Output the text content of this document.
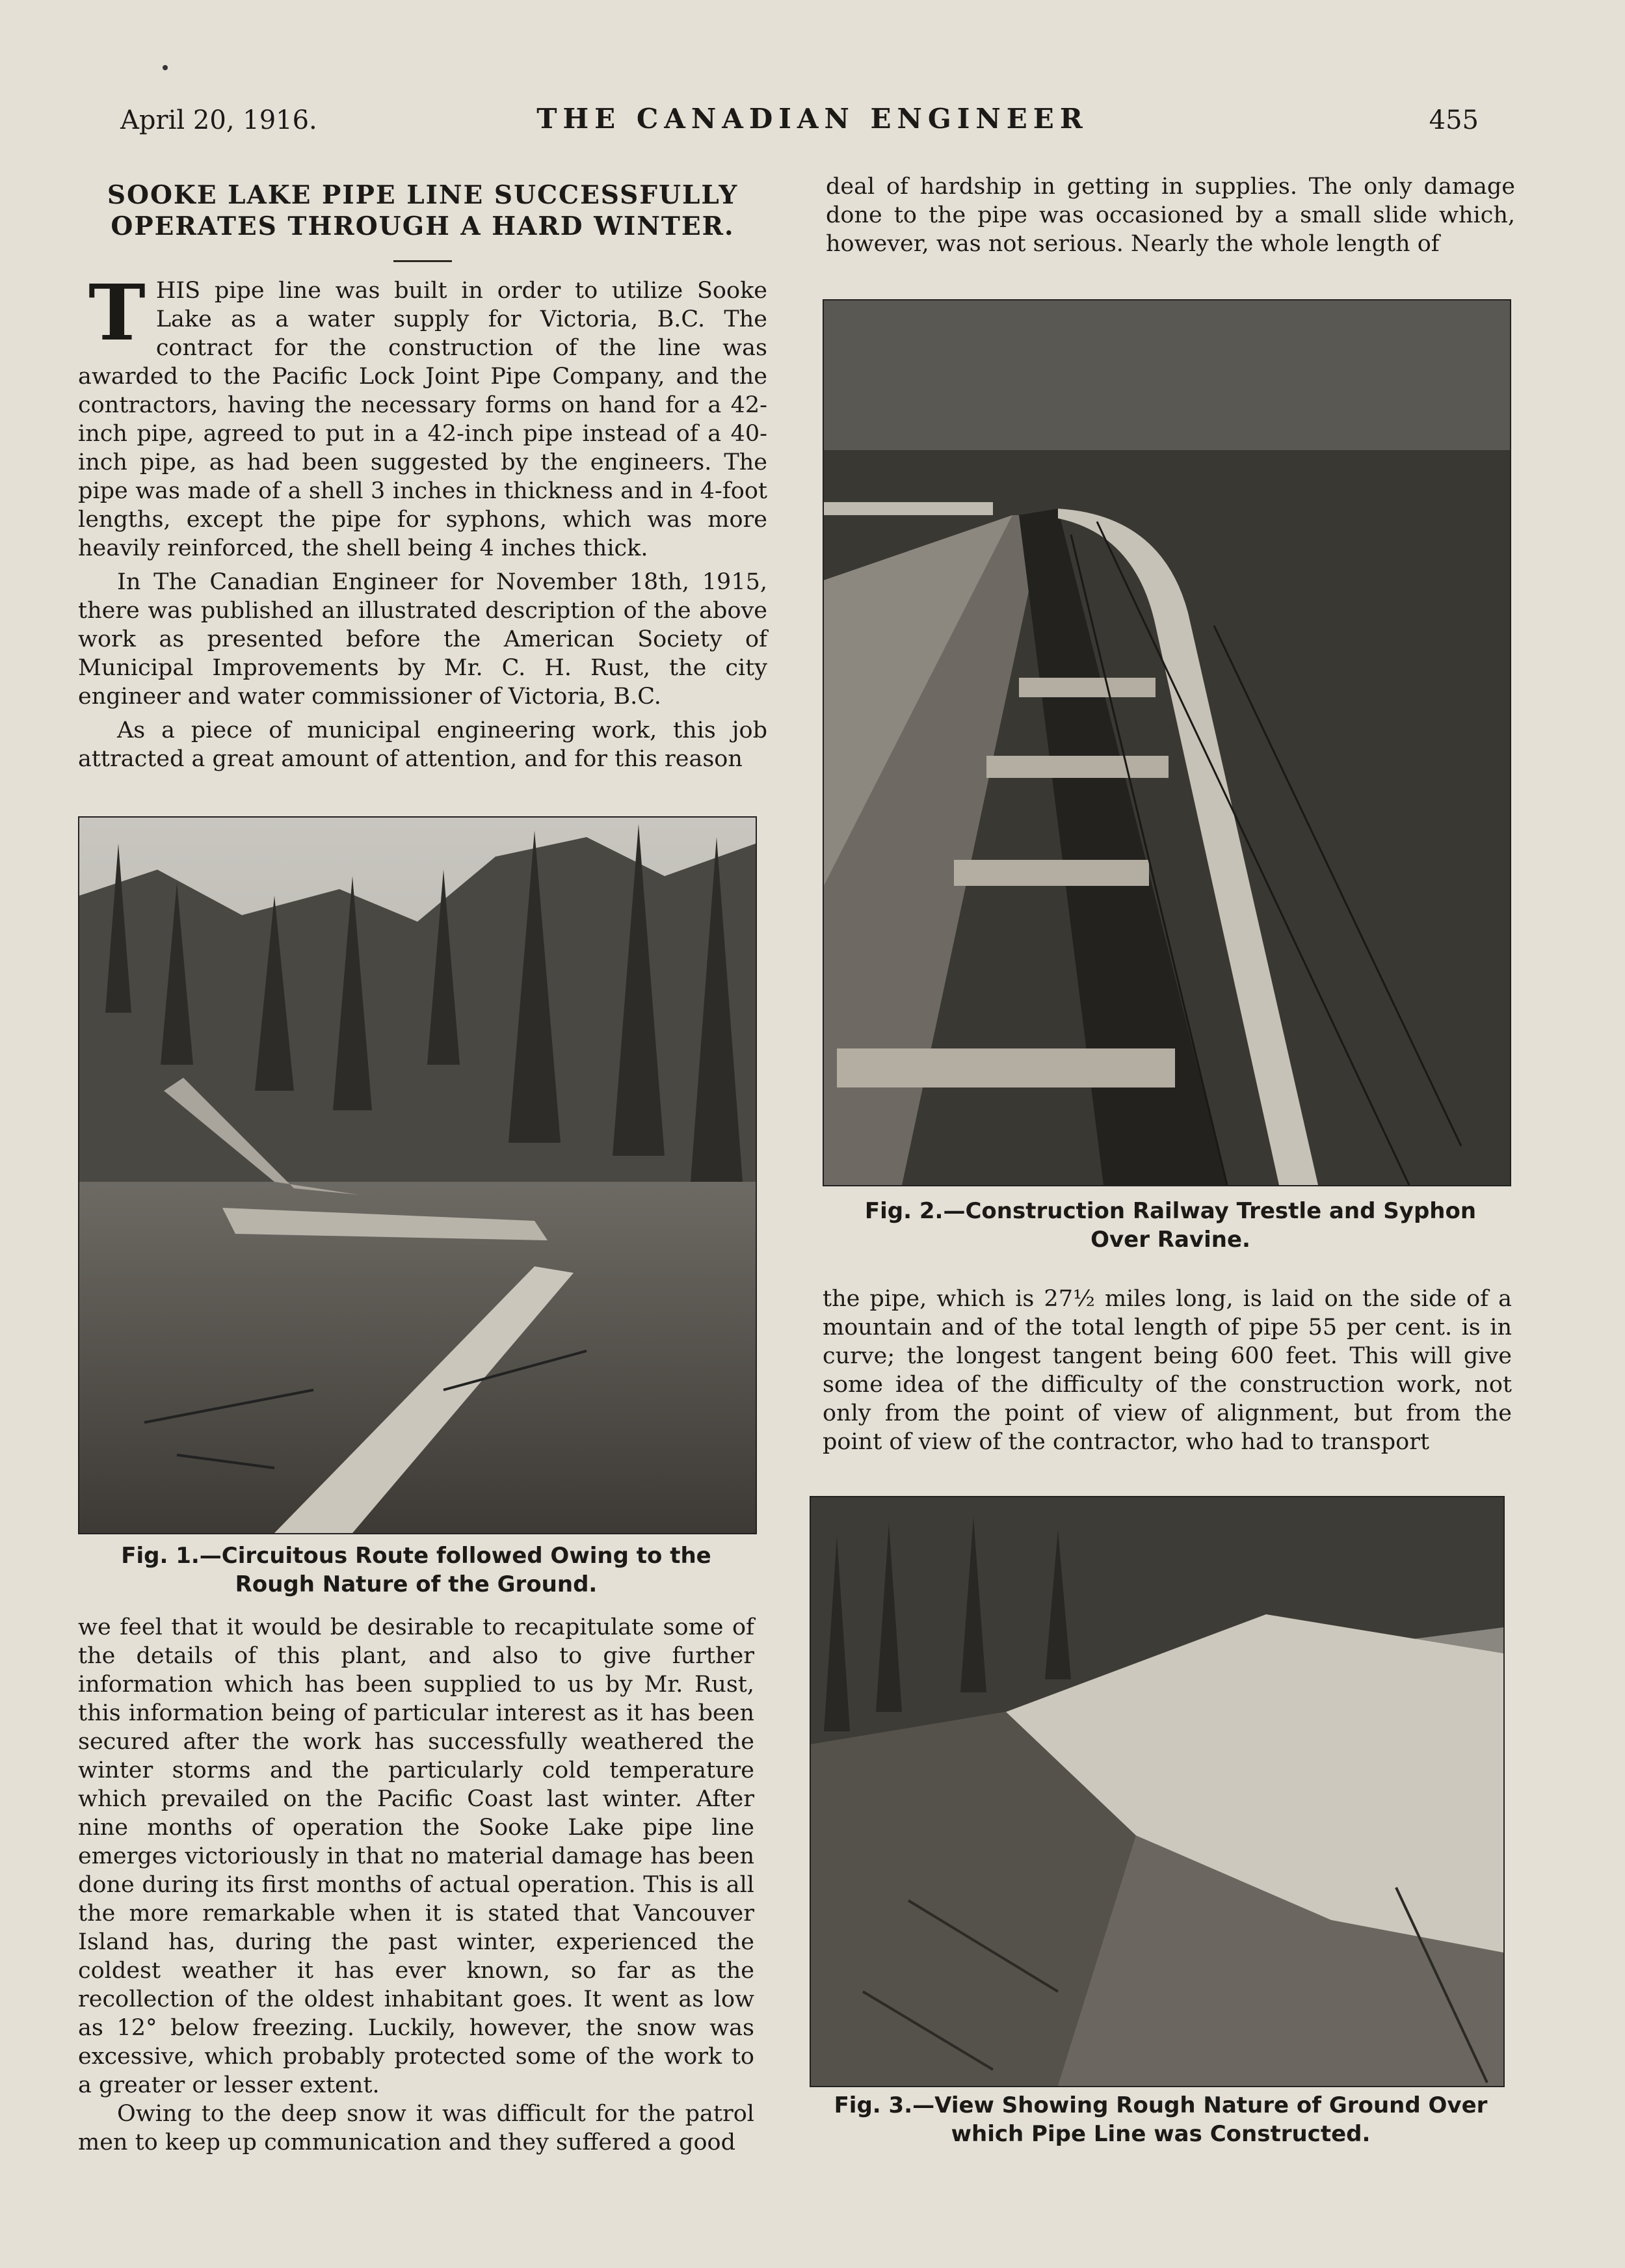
April 20, 1916.	THE CANADIAN ENGINEER	455
SOOKE LAKE PIPE LINE SUCCESSFULLY OPERATES THROUGH A HARD WINTER.

THIS pipe line was built in order to utilize Sooke Lake as a water supply for Victoria, B.C. The contract for the construction of the line was awarded to the Pacific Lock Joint Pipe Company, and the contractors, having the necessary forms on hand for a 42-inch pipe, agreed to put in a 42-inch pipe instead of a 40-inch pipe, as had been suggested by the engineers. The pipe was made of a shell 3 inches in thickness and in 4-foot lengths, except the pipe for syphons, which was more heavily reinforced, the shell being 4 inches thick.

In The Canadian Engineer for November 18th, 1915, there was published an illustrated description of the above work as presented before the American Society of Municipal Improvements by Mr. C. H. Rust, the city engineer and water commissioner of Victoria, B.C.

As a piece of municipal engineering work, this job attracted a great amount of attention, and for this reason

Fig. 1.—Circuitous Route followed Owing to the Rough Nature of the Ground.

we feel that it would be desirable to recapitulate some of the details of this plant, and also to give further information which has been supplied to us by Mr. Rust, this information being of particular interest as it has been secured after the work has successfully weathered the winter storms and the particularly cold temperature which prevailed on the Pacific Coast last winter. After nine months of operation the Sooke Lake pipe line emerges victoriously in that no material damage has been done during its first months of actual operation. This is all the more remarkable when it is stated that Vancouver Island has, during the past winter, experienced the coldest weather it has ever known, so far as the recollection of the oldest inhabitant goes. It went as low as 12° below freezing. Luckily, however, the snow was excessive, which probably protected some of the work to a greater or lesser extent.

Owing to the deep snow it was difficult for the patrol men to keep up communication and they suffered a good

deal of hardship in getting in supplies. The only damage done to the pipe was occasioned by a small slide which, however, was not serious. Nearly the whole length of

Fig. 2.—Construction Railway Trestle and Syphon Over Ravine.

the pipe, which is 27½ miles long, is laid on the side of a mountain and of the total length of pipe 55 per cent. is in curve; the longest tangent being 600 feet. This will give some idea of the difficulty of the construction work, not only from the point of view of alignment, but from the point of view of the contractor, who had to transport

Fig. 3.—View Showing Rough Nature of Ground Over which Pipe Line was Constructed.
